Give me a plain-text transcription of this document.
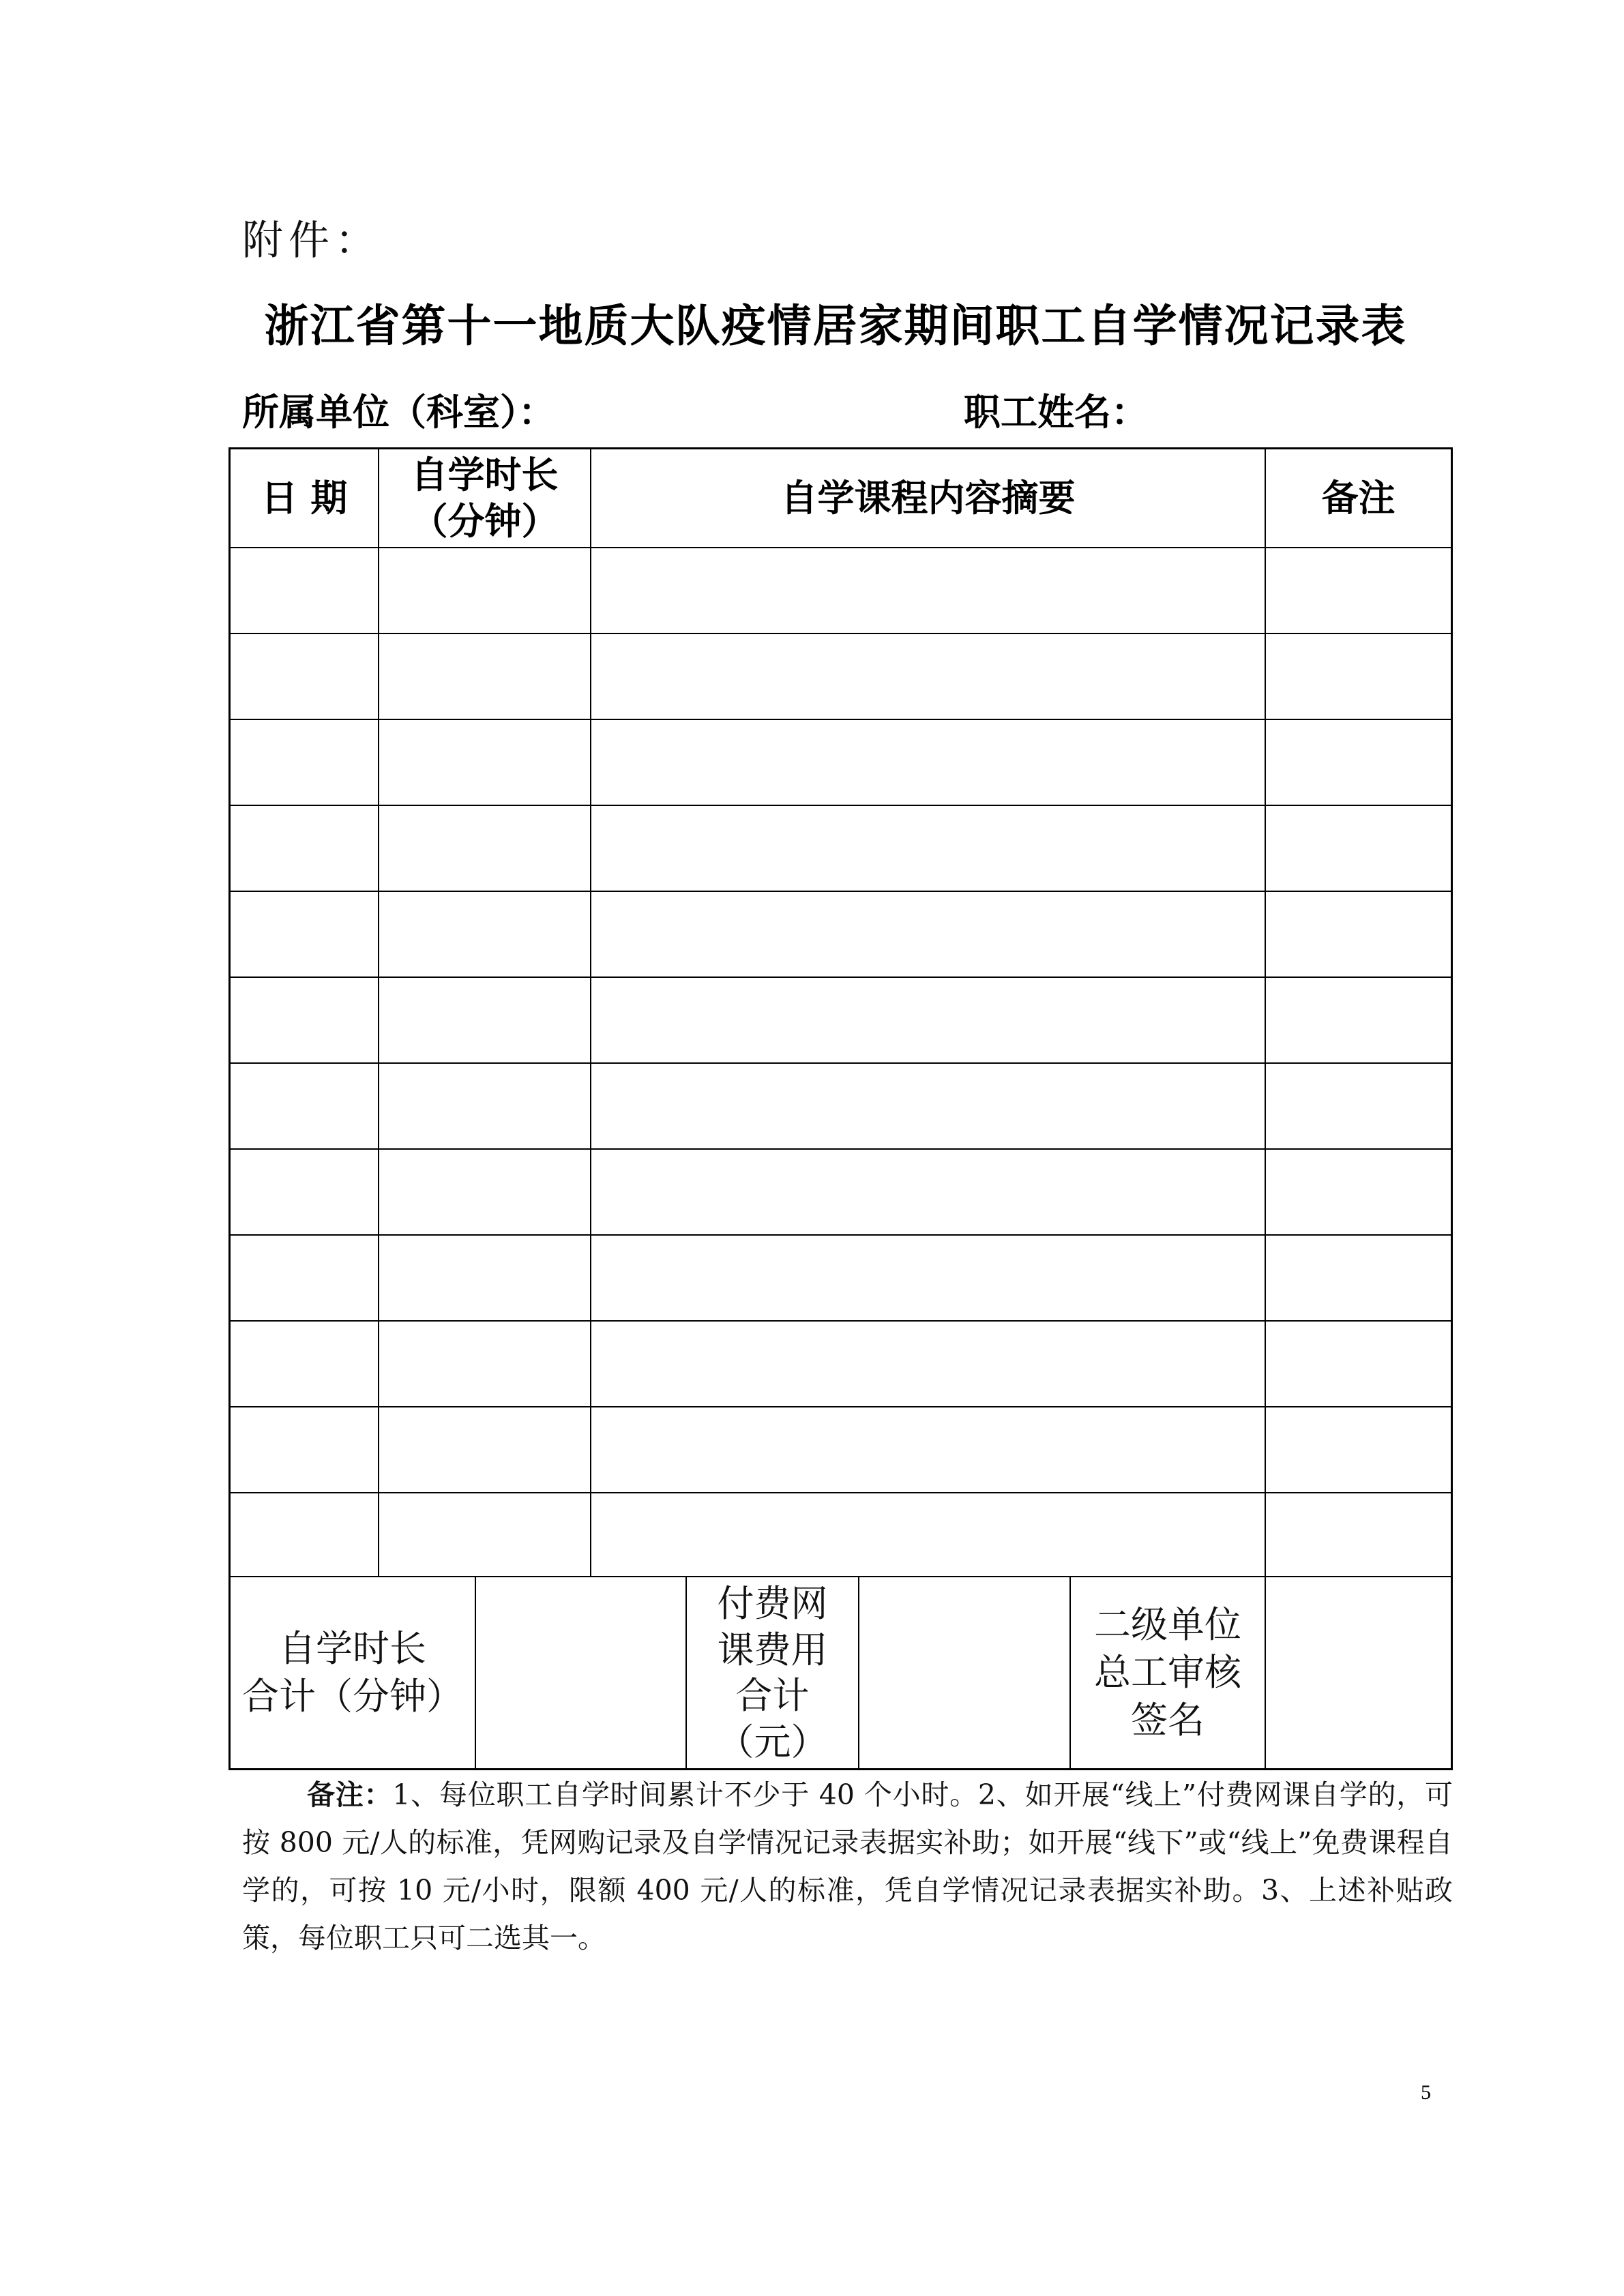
附件：
浙江省第十一地质大队疫情居家期间职工自学情况记录表
所属单位（科室）：	职工姓名：
日 期
自学时长
（分钟）
自学课程内容摘要	备注
自学时长
合计（分钟）
付费网
课费用
合计
（元）
二级单位
总工审核
签名
备注：1、每位职工自学时间累计不少于 40 个小时。2、如开展“线上”付费网课自学的，可按 800 元/人的标准，凭网购记录及自学情况记录表据实补助；如开展“线下”或“线上”免费课程自学的，可按 10 元/小时，限额 400 元/人的标准，凭自学情况记录表据实补助。3、上述补贴政策，每位职工只可二选其一。
5
